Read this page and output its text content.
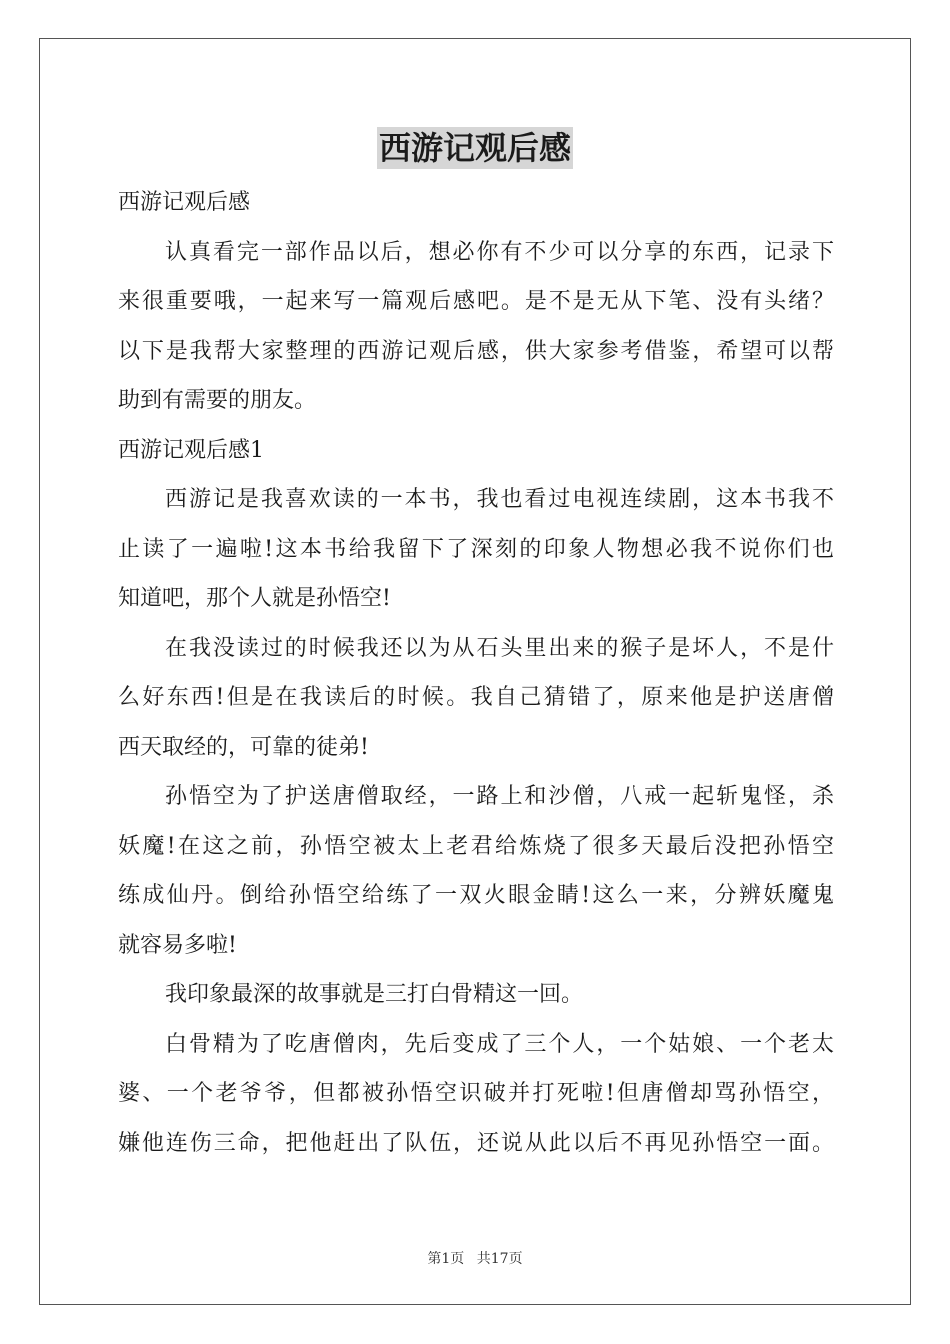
西游记观后感
西游记观后感
认真看完一部作品以后，想必你有不少可以分享的东西，记录下
来很重要哦，一起来写一篇观后感吧。是不是无从下笔、没有头绪？
以下是我帮大家整理的西游记观后感，供大家参考借鉴，希望可以帮
助到有需要的朋友。
西游记观后感1
西游记是我喜欢读的一本书，我也看过电视连续剧，这本书我不
止读了一遍啦!这本书给我留下了深刻的印象人物想必我不说你们也
知道吧，那个人就是孙悟空!
在我没读过的时候我还以为从石头里出来的猴子是坏人，不是什
么好东西!但是在我读后的时候。我自己猜错了，原来他是护送唐僧
西天取经的，可靠的徒弟!
孙悟空为了护送唐僧取经，一路上和沙僧，八戒一起斩鬼怪，杀
妖魔!在这之前，孙悟空被太上老君给炼烧了很多天最后没把孙悟空
练成仙丹。倒给孙悟空给练了一双火眼金睛!这么一来，分辨妖魔鬼
就容易多啦!
我印象最深的故事就是三打白骨精这一回。
白骨精为了吃唐僧肉，先后变成了三个人，一个姑娘、一个老太
婆、一个老爷爷，但都被孙悟空识破并打死啦!但唐僧却骂孙悟空，
嫌他连伤三命，把他赶出了队伍，还说从此以后不再见孙悟空一面。
第1页 共17页
